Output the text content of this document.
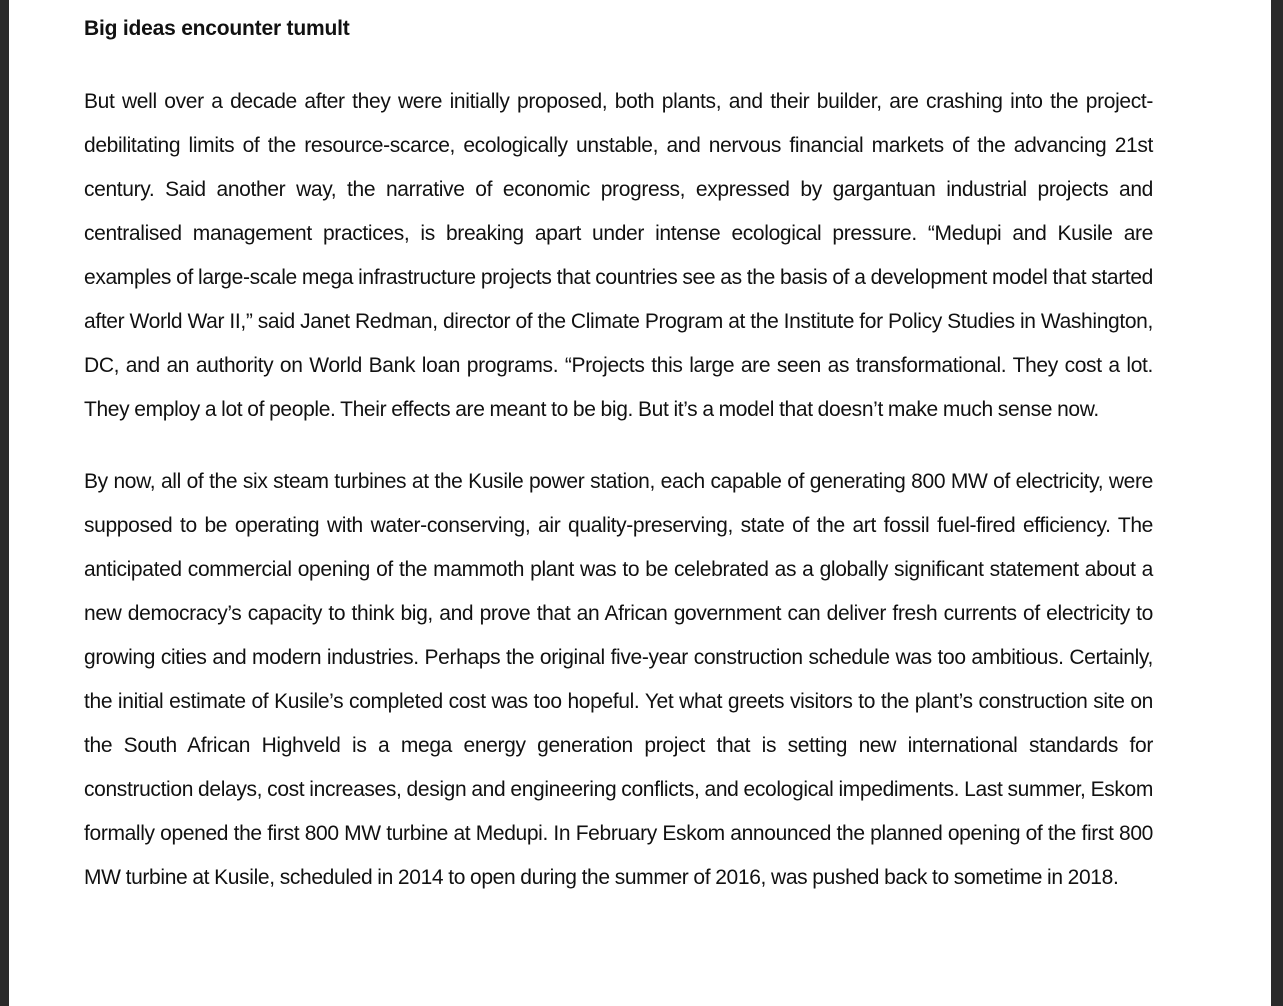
Big ideas encounter tumult

But well over a decade after they were initially proposed, both plants, and their builder, are crashing into the project-debilitating limits of the resource-scarce, ecologically unstable, and nervous financial markets of the advancing 21st century. Said another way, the narrative of economic progress, expressed by gargantuan industrial projects and centralised management practices, is breaking apart under intense ecological pressure. “Medupi and Kusile are examples of large-scale mega infrastructure projects that countries see as the basis of a development model that started after World War II,” said Janet Redman, director of the Climate Program at the Institute for Policy Studies in Washington, DC, and an authority on World Bank loan programs. “Projects this large are seen as transformational. They cost a lot. They employ a lot of people. Their effects are meant to be big. But it’s a model that doesn’t make much sense now.

By now, all of the six steam turbines at the Kusile power station, each capable of generating 800 MW of electricity, were supposed to be operating with water-conserving, air quality-preserving, state of the art fossil fuel-fired efficiency. The anticipated commercial opening of the mammoth plant was to be celebrated as a globally significant statement about a new democracy’s capacity to think big, and prove that an African government can deliver fresh currents of electricity to growing cities and modern industries. Perhaps the original five-year construction schedule was too ambitious. Certainly, the initial estimate of Kusile’s completed cost was too hopeful. Yet what greets visitors to the plant’s construction site on the South African Highveld is a mega energy generation project that is setting new international standards for construction delays, cost increases, design and engineering conflicts, and ecological impediments. Last summer, Eskom formally opened the first 800 MW turbine at Medupi. In February Eskom announced the planned opening of the first 800 MW turbine at Kusile, scheduled in 2014 to open during the summer of 2016, was pushed back to sometime in 2018.
